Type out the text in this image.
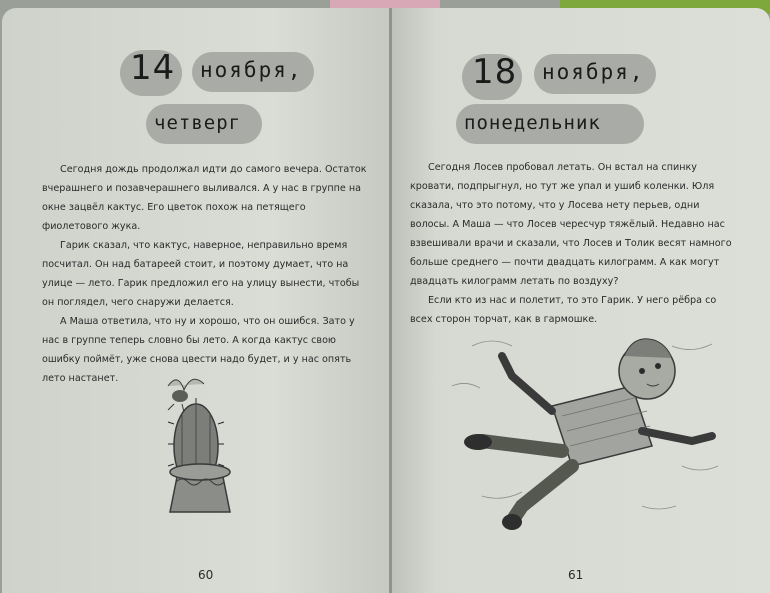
14 ноября,
четверг

Сегодня дождь продолжал идти до самого вечера. Остаток вчерашнего и позавчерашнего выливался. А у нас в группе на окне зацвёл кактус. Его цветок похож на петящего фиолетового жука.

Гарик сказал, что кактус, наверное, неправильно время посчитал. Он над батареей стоит, и поэтому думает, что на улице — лето. Гарик предложил его на улицу вынести, чтобы он поглядел, чего снаружи делается.

А Маша ответила, что ну и хорошо, что он ошибся. Зато у нас в группе теперь словно бы лето. А когда кактус свою ошибку поймёт, уже снова цвести надо будет, и у нас опять лето настанет.

60
18 ноября,
понедельник

Сегодня Лосев пробовал летать. Он встал на спинку кровати, подпрыгнул, но тут же упал и ушиб коленки. Юля сказала, что это потому, что у Лосева нету перьев, одни волосы. А Маша — что Лосев чересчур тяжёлый. Недавно нас взвешивали врачи и сказали, что Лосев и Толик весят намного больше среднего — почти двадцать килограмм. А как могут двадцать килограмм летать по воздуху?

Если кто из нас и полетит, то это Гарик. У него рёбра со всех сторон торчат, как в гармошке.

61
